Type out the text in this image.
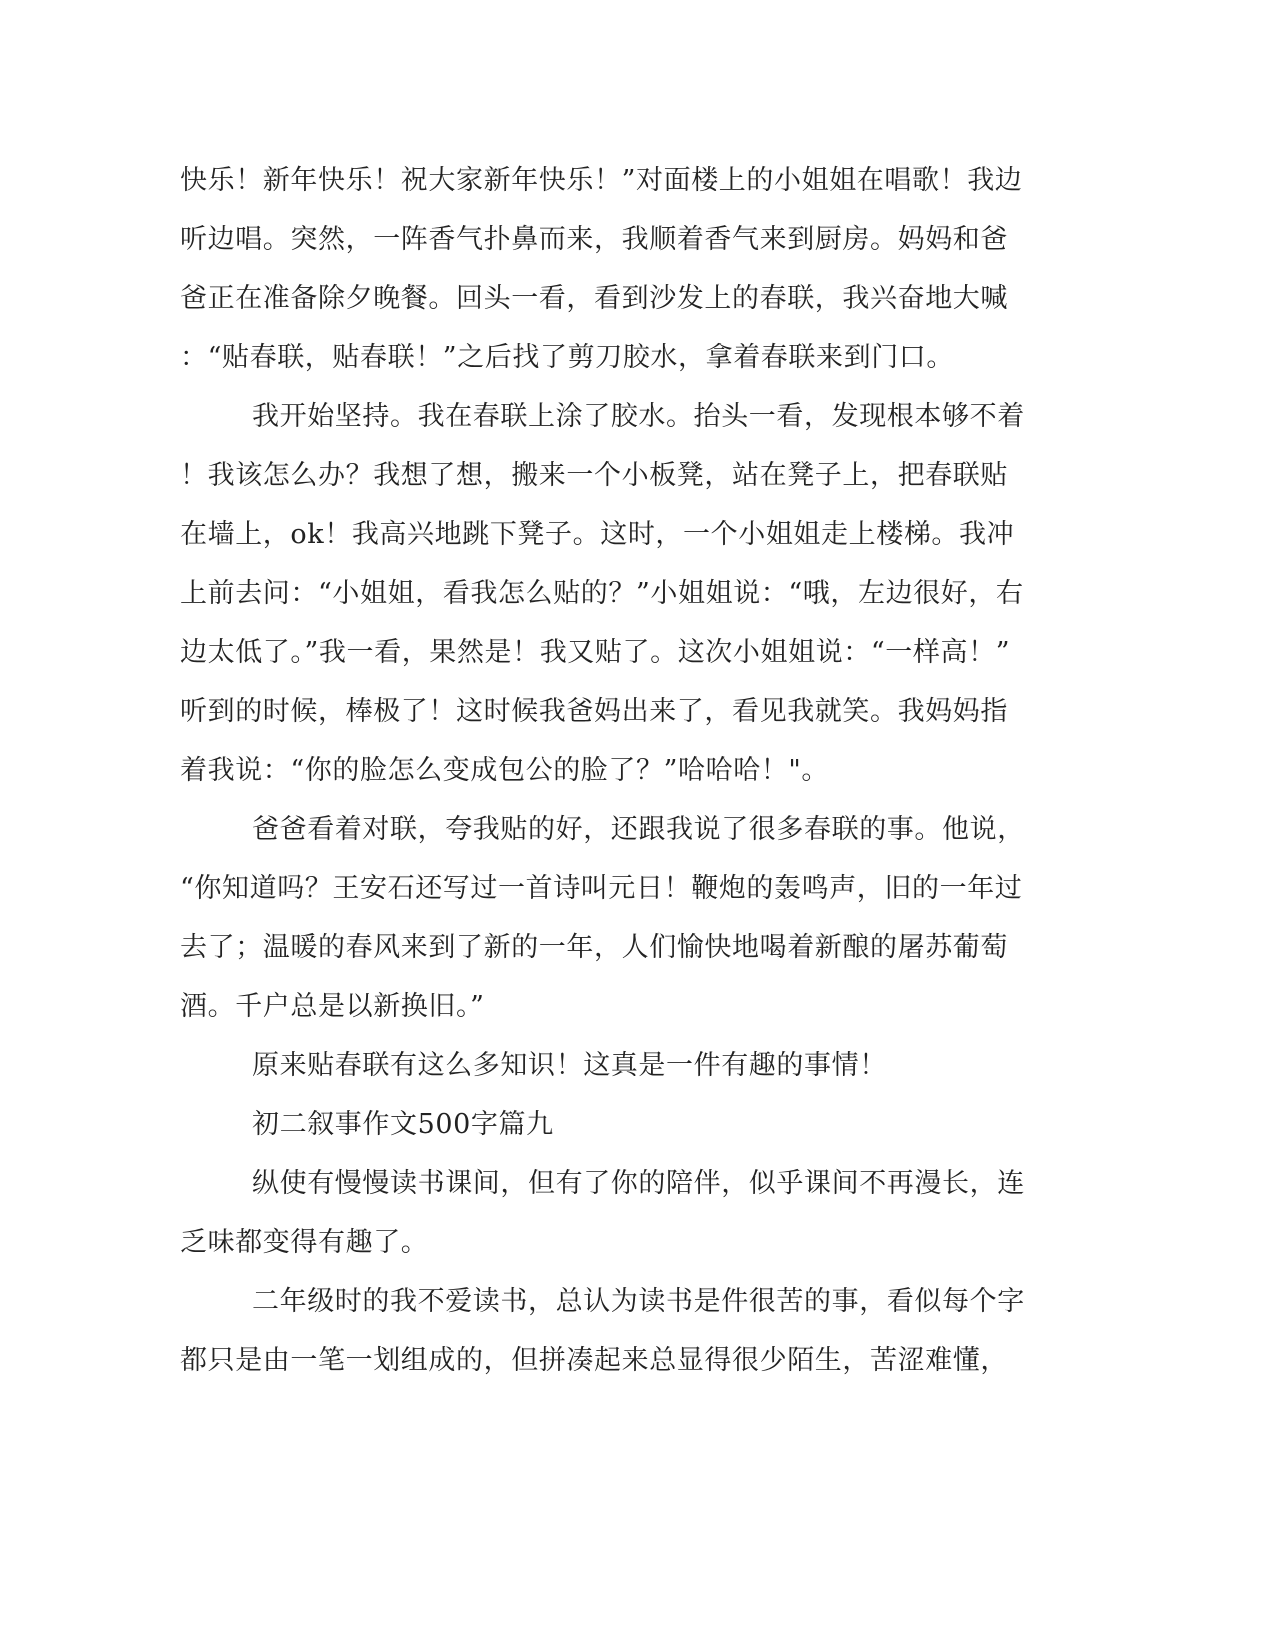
快乐！新年快乐！祝大家新年快乐！”对面楼上的小姐姐在唱歌！我边
听边唱。突然，一阵香气扑鼻而来，我顺着香气来到厨房。妈妈和爸
爸正在准备除夕晚餐。回头一看，看到沙发上的春联，我兴奋地大喊
：“贴春联，贴春联！”之后找了剪刀胶水，拿着春联来到门口。
我开始坚持。我在春联上涂了胶水。抬头一看，发现根本够不着
！我该怎么办？我想了想，搬来一个小板凳，站在凳子上，把春联贴
在墙上，ok！我高兴地跳下凳子。这时，一个小姐姐走上楼梯。我冲
上前去问：“小姐姐，看我怎么贴的？”小姐姐说：“哦，左边很好，右
边太低了。”我一看，果然是！我又贴了。这次小姐姐说：“一样高！”
听到的时候，棒极了！这时候我爸妈出来了，看见我就笑。我妈妈指
着我说：“你的脸怎么变成包公的脸了？”哈哈哈！"。
爸爸看着对联，夸我贴的好，还跟我说了很多春联的事。他说，
“你知道吗？王安石还写过一首诗叫元日！鞭炮的轰鸣声，旧的一年过
去了；温暖的春风来到了新的一年，人们愉快地喝着新酿的屠苏葡萄
酒。千户总是以新换旧。”
原来贴春联有这么多知识！这真是一件有趣的事情！
初二叙事作文500字篇九
纵使有慢慢读书课间，但有了你的陪伴，似乎课间不再漫长，连
乏味都变得有趣了。
二年级时的我不爱读书，总认为读书是件很苦的事，看似每个字
都只是由一笔一划组成的，但拼凑起来总显得很少陌生，苦涩难懂，
